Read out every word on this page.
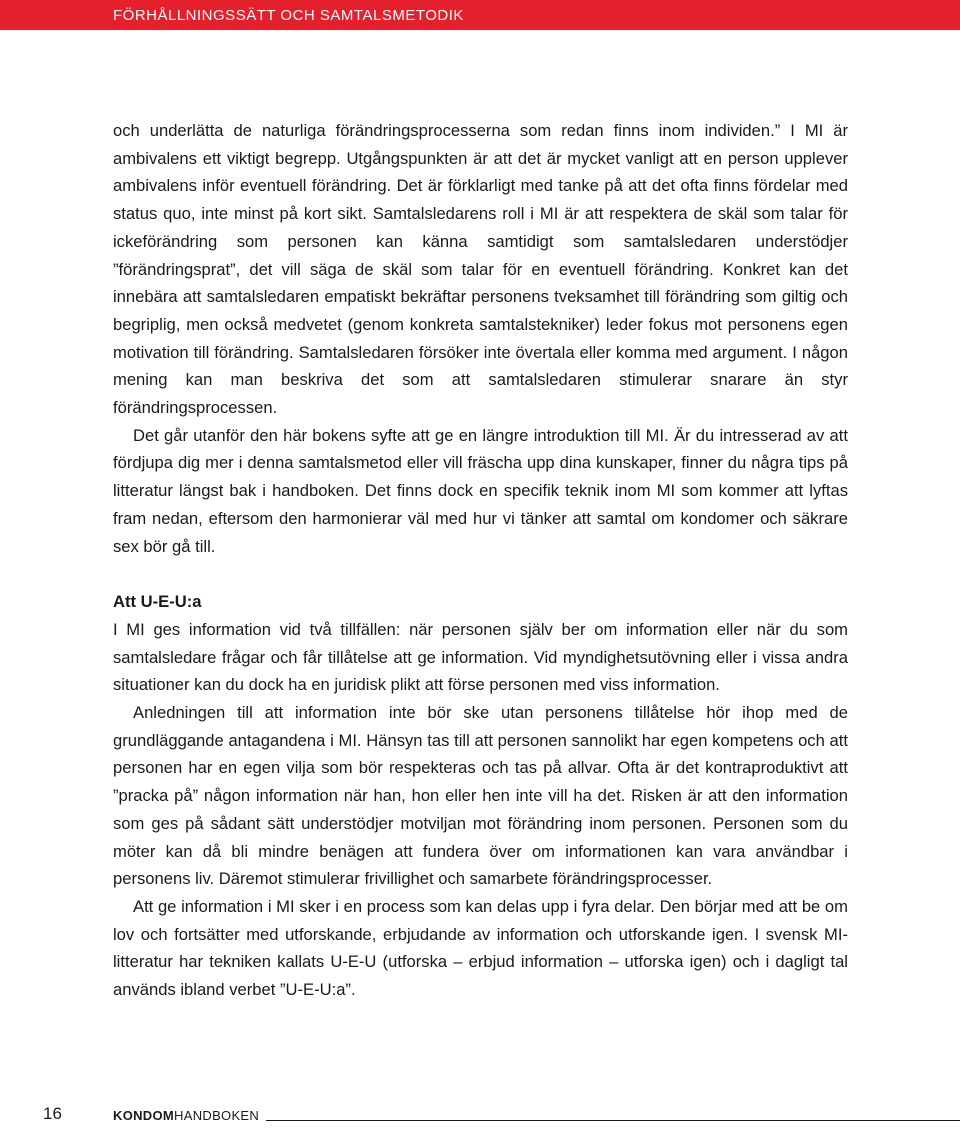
FÖRHÅLLNINGSSÄTT OCH SAMTALSMETODIK

och underlätta de naturliga förändringsprocesserna som redan finns inom individen.” I MI är ambivalens ett viktigt begrepp. Utgångspunkten är att det är mycket vanligt att en person upplever ambivalens inför eventuell förändring. Det är förklarligt med tanke på att det ofta finns fördelar med status quo, inte minst på kort sikt. Samtalsledarens roll i MI är att respektera de skäl som talar för ickeförändring som personen kan känna samtidigt som samtalsledaren understödjer ”förändringsprat”, det vill säga de skäl som talar för en eventuell förändring. Konkret kan det innebära att samtalsledaren empatiskt bekräftar personens tveksamhet till förändring som giltig och begriplig, men också medvetet (genom konkreta samtalstekniker) leder fokus mot personens egen motivation till förändring. Samtalsledaren försöker inte övertala eller komma med argument. I någon mening kan man beskriva det som att samtalsledaren stimulerar snarare än styr förändringsprocessen.

Det går utanför den här bokens syfte att ge en längre introduktion till MI. Är du intresserad av att fördjupa dig mer i denna samtalsmetod eller vill fräscha upp dina kunskaper, finner du några tips på litteratur längst bak i handboken. Det finns dock en specifik teknik inom MI som kommer att lyftas fram nedan, eftersom den harmonierar väl med hur vi tänker att samtal om kondomer och säkrare sex bör gå till.

Att U-E-U:a

I MI ges information vid två tillfällen: när personen själv ber om information eller när du som samtalsledare frågar och får tillåtelse att ge information. Vid myndighetsutövning eller i vissa andra situationer kan du dock ha en juridisk plikt att förse personen med viss information.

Anledningen till att information inte bör ske utan personens tillåtelse hör ihop med de grundläggande antagandena i MI. Hänsyn tas till att personen sannolikt har egen kompetens och att personen har en egen vilja som bör respekteras och tas på allvar. Ofta är det kontraproduktivt att ”pracka på” någon information när han, hon eller hen inte vill ha det. Risken är att den information som ges på sådant sätt understödjer motviljan mot förändring inom personen. Personen som du möter kan då bli mindre benägen att fundera över om informationen kan vara användbar i personens liv. Däremot stimulerar frivillighet och samarbete förändringsprocesser.

Att ge information i MI sker i en process som kan delas upp i fyra delar. Den börjar med att be om lov och fortsätter med utforskande, erbjudande av information och utforskande igen. I svensk MI-litteratur har tekniken kallats U-E-U (utforska – erbjud information – utforska igen) och i dagligt tal används ibland verbet ”U-E-U:a”.

16	KONDOMHANDBOKEN
